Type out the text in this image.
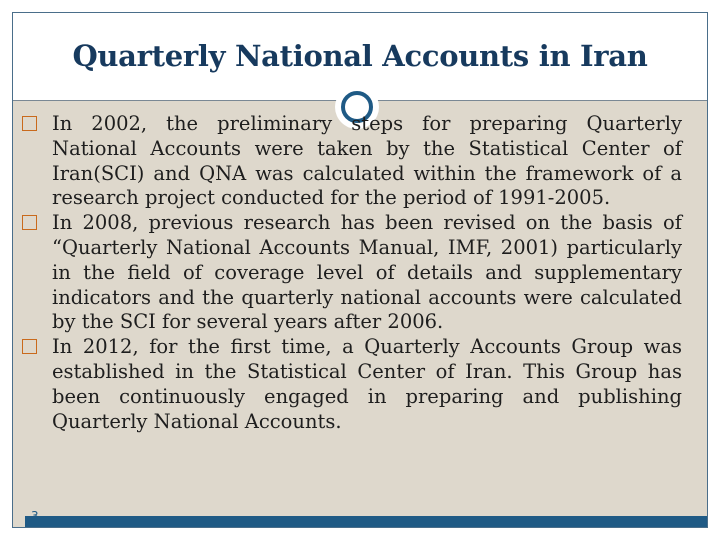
Quarterly National Accounts in Iran
3

In 2002, the preliminary steps for preparing Quarterly National Accounts were taken by the Statistical Center of Iran(SCI) and QNA was calculated within the framework of a research project conducted for the period of 1991-2005.

In 2008, previous research has been revised on the basis of “Quarterly National Accounts Manual, IMF, 2001) particularly in the field of coverage level of details and supplementary indicators and the quarterly national accounts were calculated by the SCI for several years after 2006.

In 2012, for the first time, a Quarterly Accounts Group was established in the Statistical Center of Iran. This Group has been continuously engaged in preparing and publishing Quarterly National Accounts.
